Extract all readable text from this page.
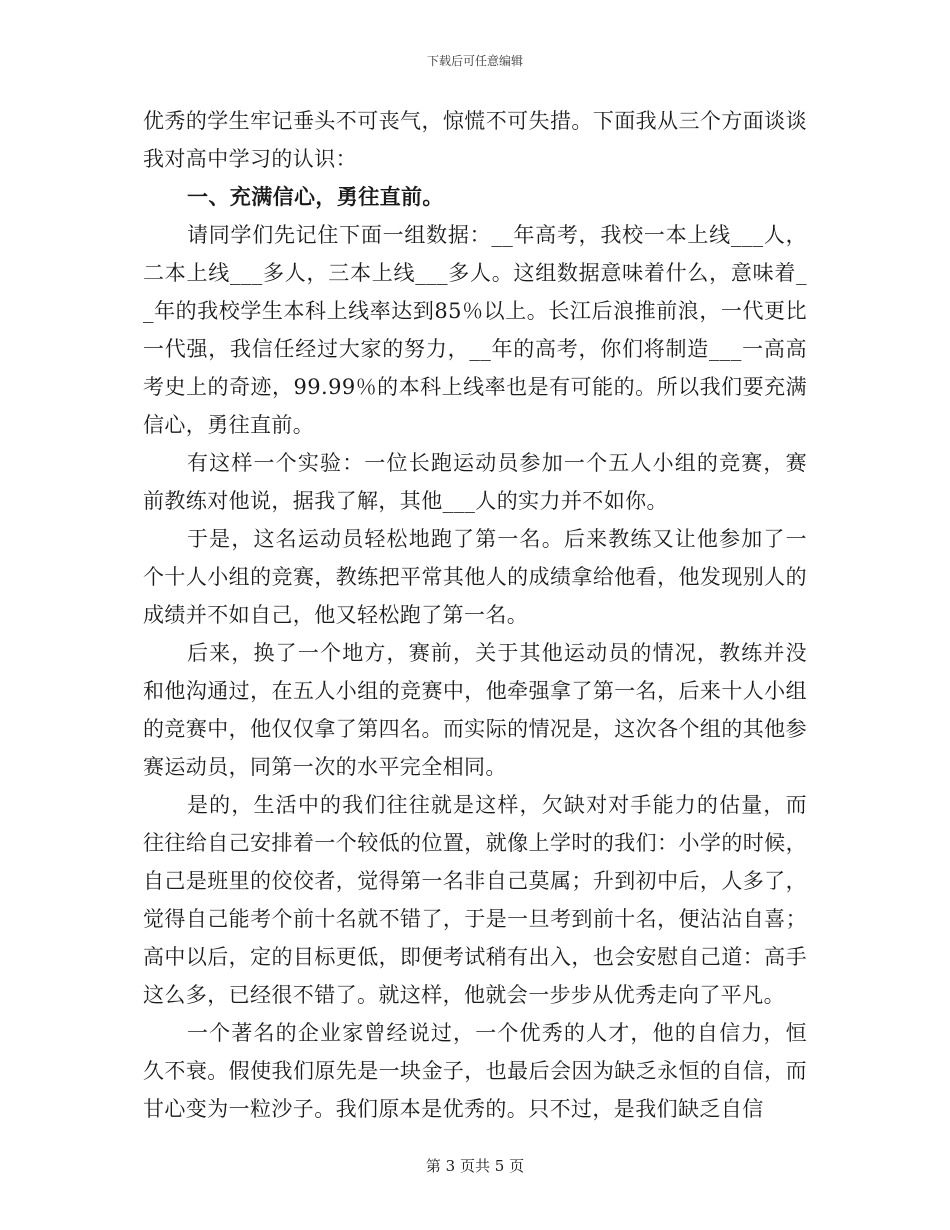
下载后可任意编辑

优秀的学生牢记垂头不可丧气，惊慌不可失措。下面我从三个方面谈谈我对高中学习的认识：

一、充满信心，勇往直前。

请同学们先记住下面一组数据：__年高考，我校一本上线___人，二本上线___多人，三本上线___多人。这组数据意味着什么，意味着__年的我校学生本科上线率达到85％以上。长江后浪推前浪，一代更比一代强，我信任经过大家的努力，__年的高考，你们将制造___一高高考史上的奇迹，99.99％的本科上线率也是有可能的。所以我们要充满信心，勇往直前。

有这样一个实验：一位长跑运动员参加一个五人小组的竞赛，赛前教练对他说，据我了解，其他___人的实力并不如你。

于是，这名运动员轻松地跑了第一名。后来教练又让他参加了一个十人小组的竞赛，教练把平常其他人的成绩拿给他看，他发现别人的成绩并不如自己，他又轻松跑了第一名。

后来，换了一个地方，赛前，关于其他运动员的情况，教练并没和他沟通过，在五人小组的竞赛中，他牵强拿了第一名，后来十人小组的竞赛中，他仅仅拿了第四名。而实际的情况是，这次各个组的其他参赛运动员，同第一次的水平完全相同。

是的，生活中的我们往往就是这样，欠缺对对手能力的估量，而往往给自己安排着一个较低的位置，就像上学时的我们：小学的时候，自己是班里的佼佼者，觉得第一名非自己莫属；升到初中后，人多了，觉得自己能考个前十名就不错了，于是一旦考到前十名，便沾沾自喜；高中以后，定的目标更低，即便考试稍有出入，也会安慰自己道：高手这么多，已经很不错了。就这样，他就会一步步从优秀走向了平凡。

一个著名的企业家曾经说过，一个优秀的人才，他的自信力，恒久不衰。假使我们原先是一块金子，也最后会因为缺乏永恒的自信，而甘心变为一粒沙子。我们原本是优秀的。只不过，是我们缺乏自信

第 3 页共 5 页
